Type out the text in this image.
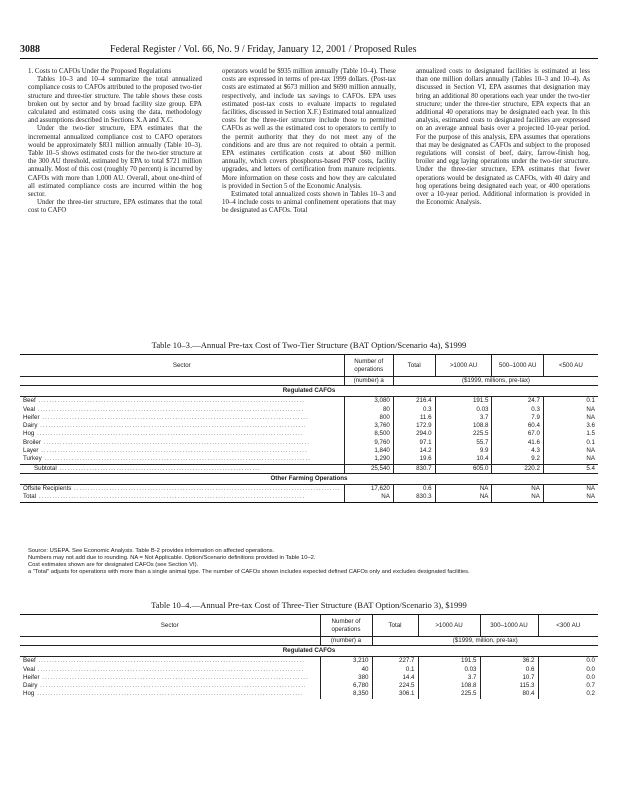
3088	Federal Register / Vol. 66, No. 9 / Friday, January 12, 2001 / Proposed Rules

1. Costs to CAFOs Under the Proposed Regulations

Tables 10–3 and 10–4 summarize the total annualized compliance costs to CAFOs attributed to the proposed two-tier structure and three-tier structure. The table shows these costs broken out by sector and by broad facility size group. EPA calculated and estimated costs using the data, methodology and assumptions described in Sections X.A and X.C.

Under the two-tier structure, EPA estimates that the incremental annualized compliance cost to CAFO operators would be approximately $831 million annually (Table 10–3). Table 10–5 shows estimated costs for the two-tier structure at the 300 AU threshold, estimated by EPA to total $721 million annually. Most of this cost (roughly 70 percent) is incurred by CAFOs with more than 1,000 AU. Overall, about one-third of all estimated compliance costs are incurred within the hog sector.

Under the three-tier structure, EPA estimates that the total cost to CAFO

operators would be $935 million annually (Table 10–4). These costs are expressed in terms of pre-tax 1999 dollars. (Post-tax costs are estimated at $673 million and $690 million annually, respectively, and include tax savings to CAFOs. EPA uses estimated post-tax costs to evaluate impacts to regulated facilities, discussed in Section X.F.) Estimated total annualized costs for the three-tier structure include those to permitted CAFOs as well as the estimated cost to operators to certify to the permit authority that they do not meet any of the conditions and are thus are not required to obtain a permit. EPA estimates certification costs at about $60 million annually, which covers phosphorus-based PNP costs, facility upgrades, and letters of certification from manure recipients. More information on these costs and how they are calculated is provided in Section 5 of the Economic Analysis.

Estimated total annualized costs shown in Tables 10–3 and 10–4 include costs to animal confinement operations that may be designated as CAFOs. Total

annualized costs to designated facilities is estimated at less than one million dollars annually (Tables 10–3 and 10–4). As discussed in Section VI, EPA assumes that designation may bring an additional 80 operations each year under the two-tier structure; under the three-tier structure, EPA expects that an additional 40 operations may be designated each year. In this analysis, estimated costs to designated facilities are expressed on an average annual basis over a projected 10-year period. For the purpose of this analysis, EPA assumes that operations that may be designated as CAFOs and subject to the proposed regulations will consist of beef, dairy, farrow-finish hog, broiler and egg laying operations under the two-tier structure. Under the three-tier structure, EPA estimates that fewer operations would be designated as CAFOs, with 40 dairy and hog operations being designated each year, or 400 operations over a 10-year period. Additional information is provided in the Economic Analysis.

Table 10–3.—Annual Pre-tax Cost of Two-Tier Structure (BAT Option/Scenario 4a), $1999
Sector	Number of operations	Total	>1000 AU	500–1000 AU	<500 AU
	(number) a	($1999, millions, pre-tax)			
Regulated CAFOs					
Beef ..................................................................................................	3,080	216.4	191.5	24.7	0.1
Veal ..................................................................................................	80	0.3	0.03	0.3	NA
Heifer ..................................................................................................	800	11.6	3.7	7.9	NA
Dairy ..................................................................................................	3,760	172.9	108.8	60.4	3.6
Hog ..................................................................................................	8,500	294.0	225.5	67.0	1.5
Broiler ..................................................................................................	9,760	97.1	55.7	41.6	0.1
Layer ..................................................................................................	1,840	14.2	9.9	4.3	NA
Turkey ..................................................................................................	1,290	19.6	10.4	9.2	NA
Subtotal ..........................................................................	25,540	830.7	605.0	220.2	5.4
Other Farming Operations					
Offsite Recipients ..................................................................................................	17,620	0.6	NA	NA	NA
Total ..................................................................................................	NA	830.3	NA	NA	NA
Source: USEPA. See Economic Analysis. Table B-2 provides information on affected operations.
Numbers may not add due to rounding. NA = Not Applicable. Option/Scenario definitions provided in Table 10–2.
Cost estimates shown are for designated CAFOs (see Section VI).
a "Total" adjusts for operations with more than a single animal type. The number of CAFOs shown includes expected defined CAFOs only and excludes designated facilities.
Table 10–4.—Annual Pre-tax Cost of Three-Tier Structure (BAT Option/Scenario 3), $1999
Sector	Number of operations	Total	>1000 AU	300–1000 AU	<300 AU
	(number) a	($1999, million, pre-tax)			
Regulated CAFOs					
Beef ..................................................................................................	3,210	227.7	191.5	36.2	0.0
Veal ..................................................................................................	40	0.1	0.03	0.6	0.0
Heifer ..................................................................................................	380	14.4	3.7	10.7	0.0
Dairy ..................................................................................................	6,780	224.5	108.8	115.3	0.7
Hog ..................................................................................................	8,350	306.1	225.5	80.4	0.2
